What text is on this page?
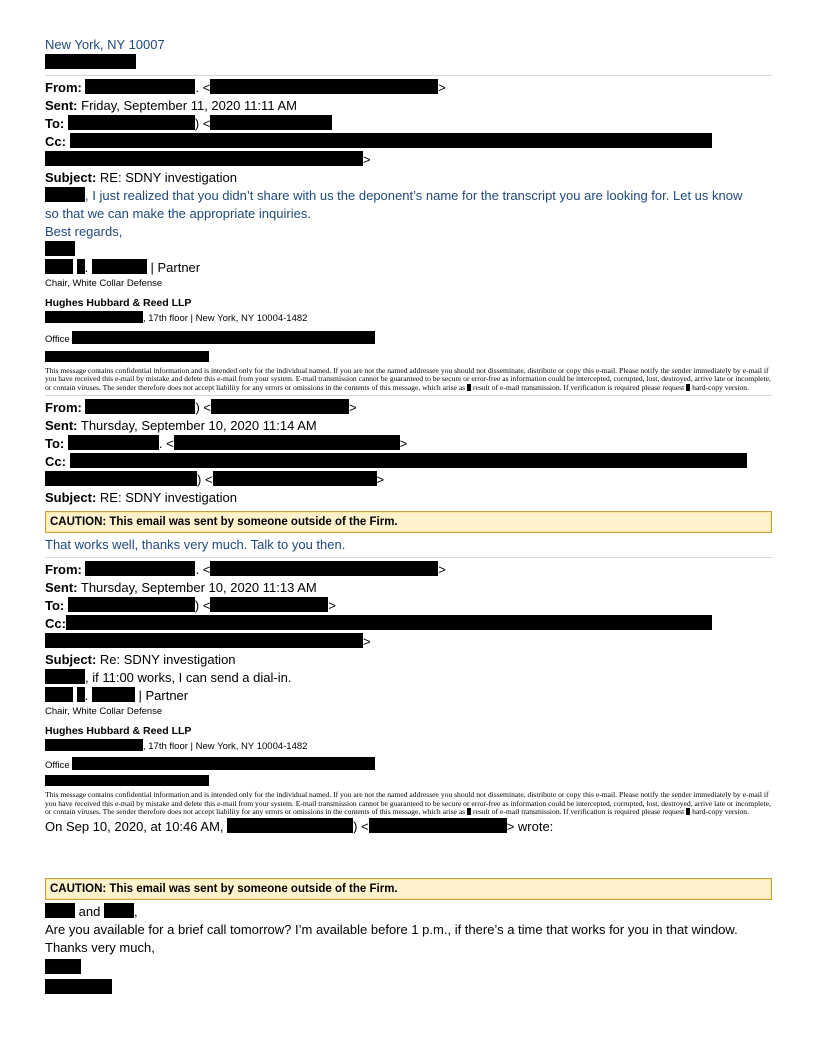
New York, NY 10007
From:	. <	>
Sent: Friday, September 11, 2020 11:11 AM
To:	) <
Cc:
>
Subject: RE: SDNY investigation
, I just realized that you didn’t share with us the deponent’s name for the transcript you are looking for. Let us know
so that we can make the appropriate inquiries.
Best regards,
.	| Partner
Chair, White Collar Defense
Hughes Hubbard & Reed LLP
, 17th floor | New York, NY 10004-1482
Office
This message contains confidential information and is intended only for the individual named. If you are not the named addressee you should not disseminate, distribute or copy this e-mail. Please notify the sender immediately by e-mail if you have received this e-mail by mistake and delete this e-mail from your system. E-mail transmission cannot be guaranteed to be secure or error-free as information could be intercepted, corrupted, lost, destroyed, arrive late or incomplete, or contain viruses. The sender therefore does not accept liability for any errors or omissions in the contents of this message, which arise as result of e-mail transmission. If verification is required please request hard-copy version.
From:	) <	>
Sent: Thursday, September 10, 2020 11:14 AM
To:	. <	>
Cc:
) <	>
Subject: RE: SDNY investigation
CAUTION: This email was sent by someone outside of the Firm.
That works well, thanks very much. Talk to you then.
From:	. <	>
Sent: Thursday, September 10, 2020 11:13 AM
To:	) <	>
Cc:
>
Subject: Re: SDNY investigation
, if 11:00 works, I can send a dial-in.
.	| Partner
Chair, White Collar Defense
Hughes Hubbard & Reed LLP
, 17th floor | New York, NY 10004-1482
Office
This message contains confidential information and is intended only for the individual named. If you are not the named addressee you should not disseminate, distribute or copy this e-mail. Please notify the sender immediately by e-mail if you have received this e-mail by mistake and delete this e-mail from your system. E-mail transmission cannot be guaranteed to be secure or error-free as information could be intercepted, corrupted, lost, destroyed, arrive late or incomplete, or contain viruses. The sender therefore does not accept liability for any errors or omissions in the contents of this message, which arise as result of e-mail transmission. If verification is required please request hard-copy version.
On Sep 10, 2020, at 10:46 AM,	) <	> wrote:
CAUTION: This email was sent by someone outside of the Firm.
and	,
Are you available for a brief call tomorrow? I’m available before 1 p.m., if there’s a time that works for you in that window.
Thanks very much,
